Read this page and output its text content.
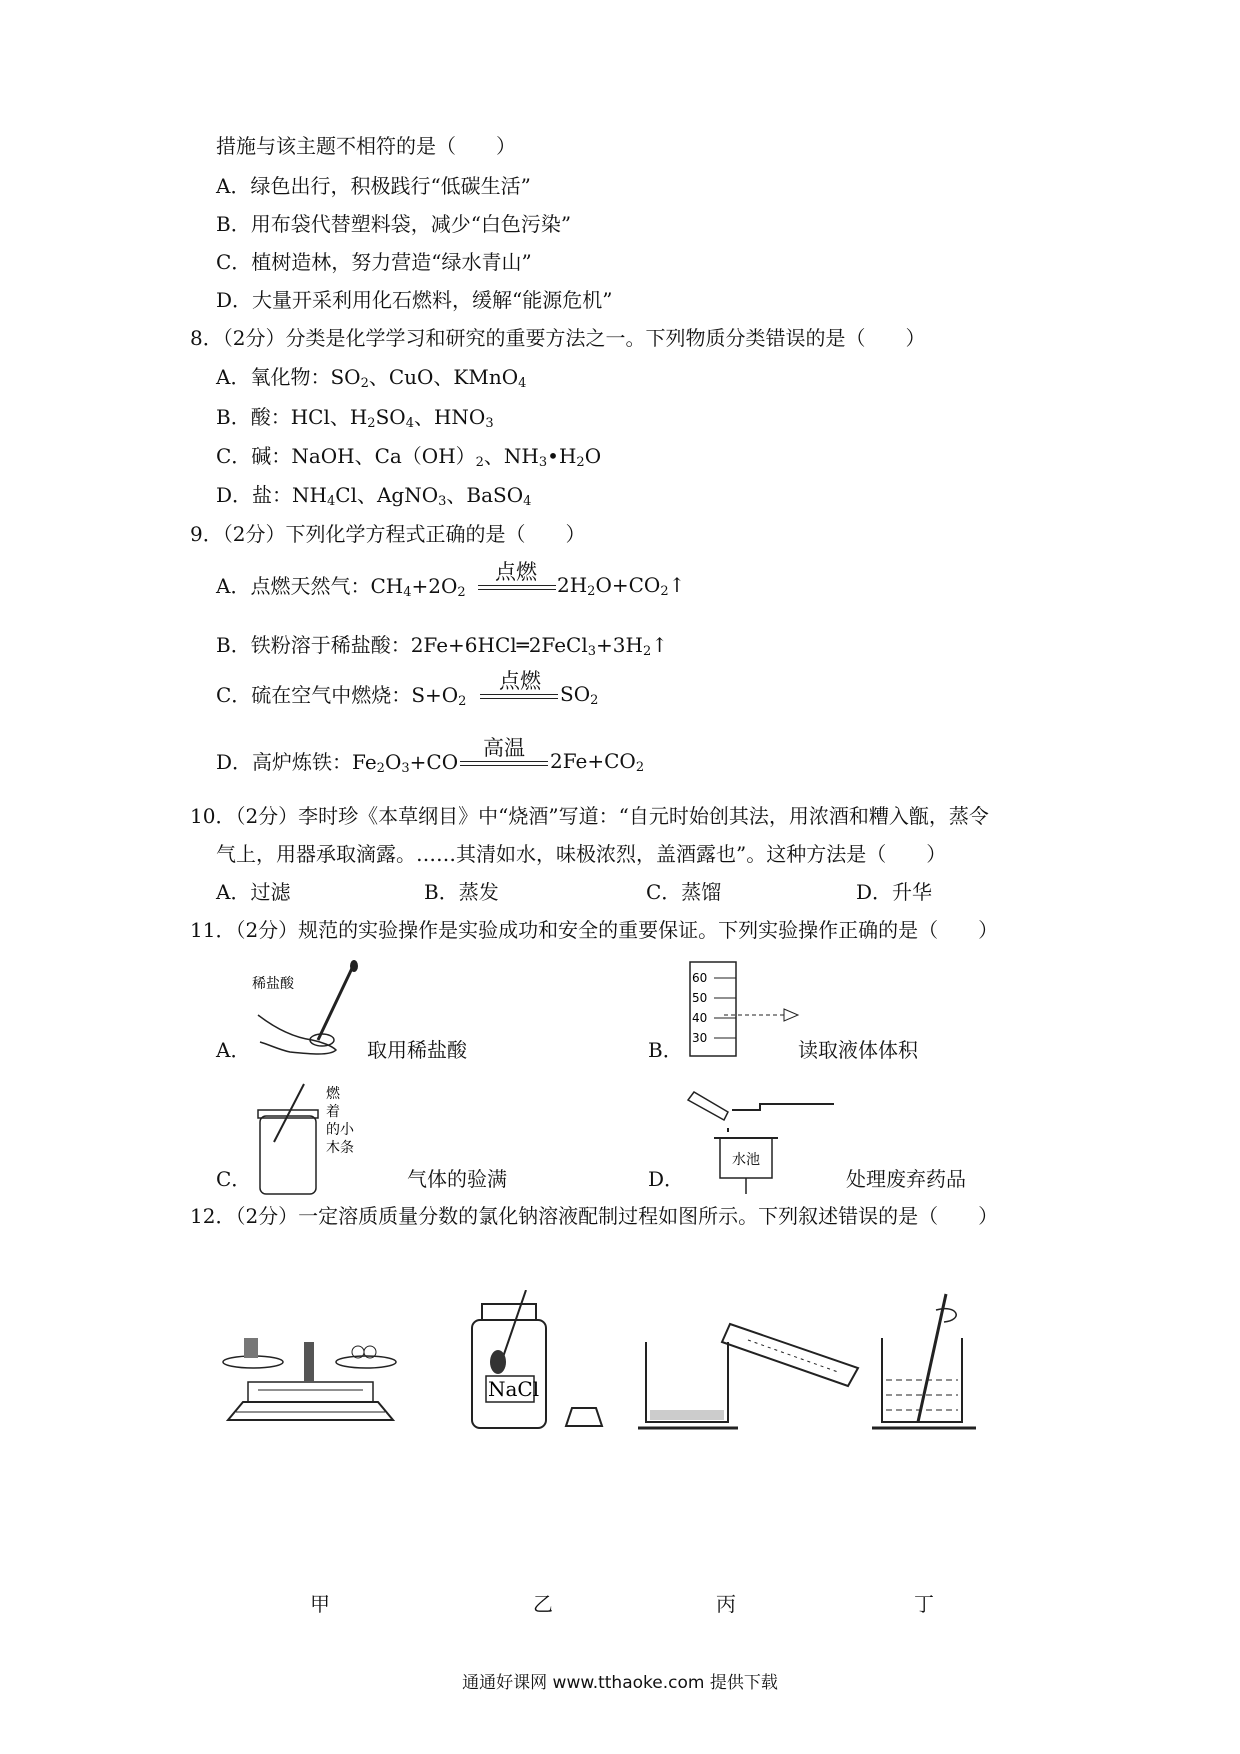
措施与该主题不相符的是（　　）
A．绿色出行，积极践行“低碳生活”
B．用布袋代替塑料袋，减少“白色污染”
C．植树造林，努力营造“绿水青山”
D．大量开采利用化石燃料，缓解“能源危机”
8．（2分）分类是化学学习和研究的重要方法之一。下列物质分类错误的是（　　）
A．氧化物：$SO_2$、CuO、KMnO$_4$
B．酸：HCl、$H_2SO_4$、$HNO_3$
C．碱：NaOH、$Ca(OH)_2$、$NH_3•H_2O$
D．盐：$NH_4Cl$、AgNO$_3$、BaSO$_4$
9．（2分）下列化学方程式正确的是（　　）
A．点燃天然气：$CH_4+2O_2$
点燃
$2H_2O+CO_2↑$
B．铁粉溶于稀盐酸：$2Fe+6HCl═2FeCl_3+3H_2↑$
C．硫在空气中燃烧：$S+O_2$
点燃
$SO_2$
D．高炉炼铁：$Fe_2O_3+CO$
高温
$2Fe+CO_2$
10．（2分）李时珍《本草纲目》中“烧酒”写道：“自元时始创其法，用浓酒和糟入甑，蒸令
气上，用器承取滴露。……其清如水，味极浓烈，盖酒露也”。这种方法是（　　）
A．过滤	B．蒸发	C．蒸馏	D．升华
11．（2分）规范的实验操作是实验成功和安全的重要保证。下列实验操作正确的是（　　）
A．
稀盐酸
取用稀盐酸	B．
60
50
40
30	读取液体体积
C．
燃
着
的小
木条
气体的验满	D．
水池
处理废弃药品
12．（2分）一定溶质质量分数的氯化钠溶液配制过程如图所示。下列叙述错误的是（　　）
甲
NaCl
乙	丙	丁
通通好课网 www.tthaoke.com 提供下载
